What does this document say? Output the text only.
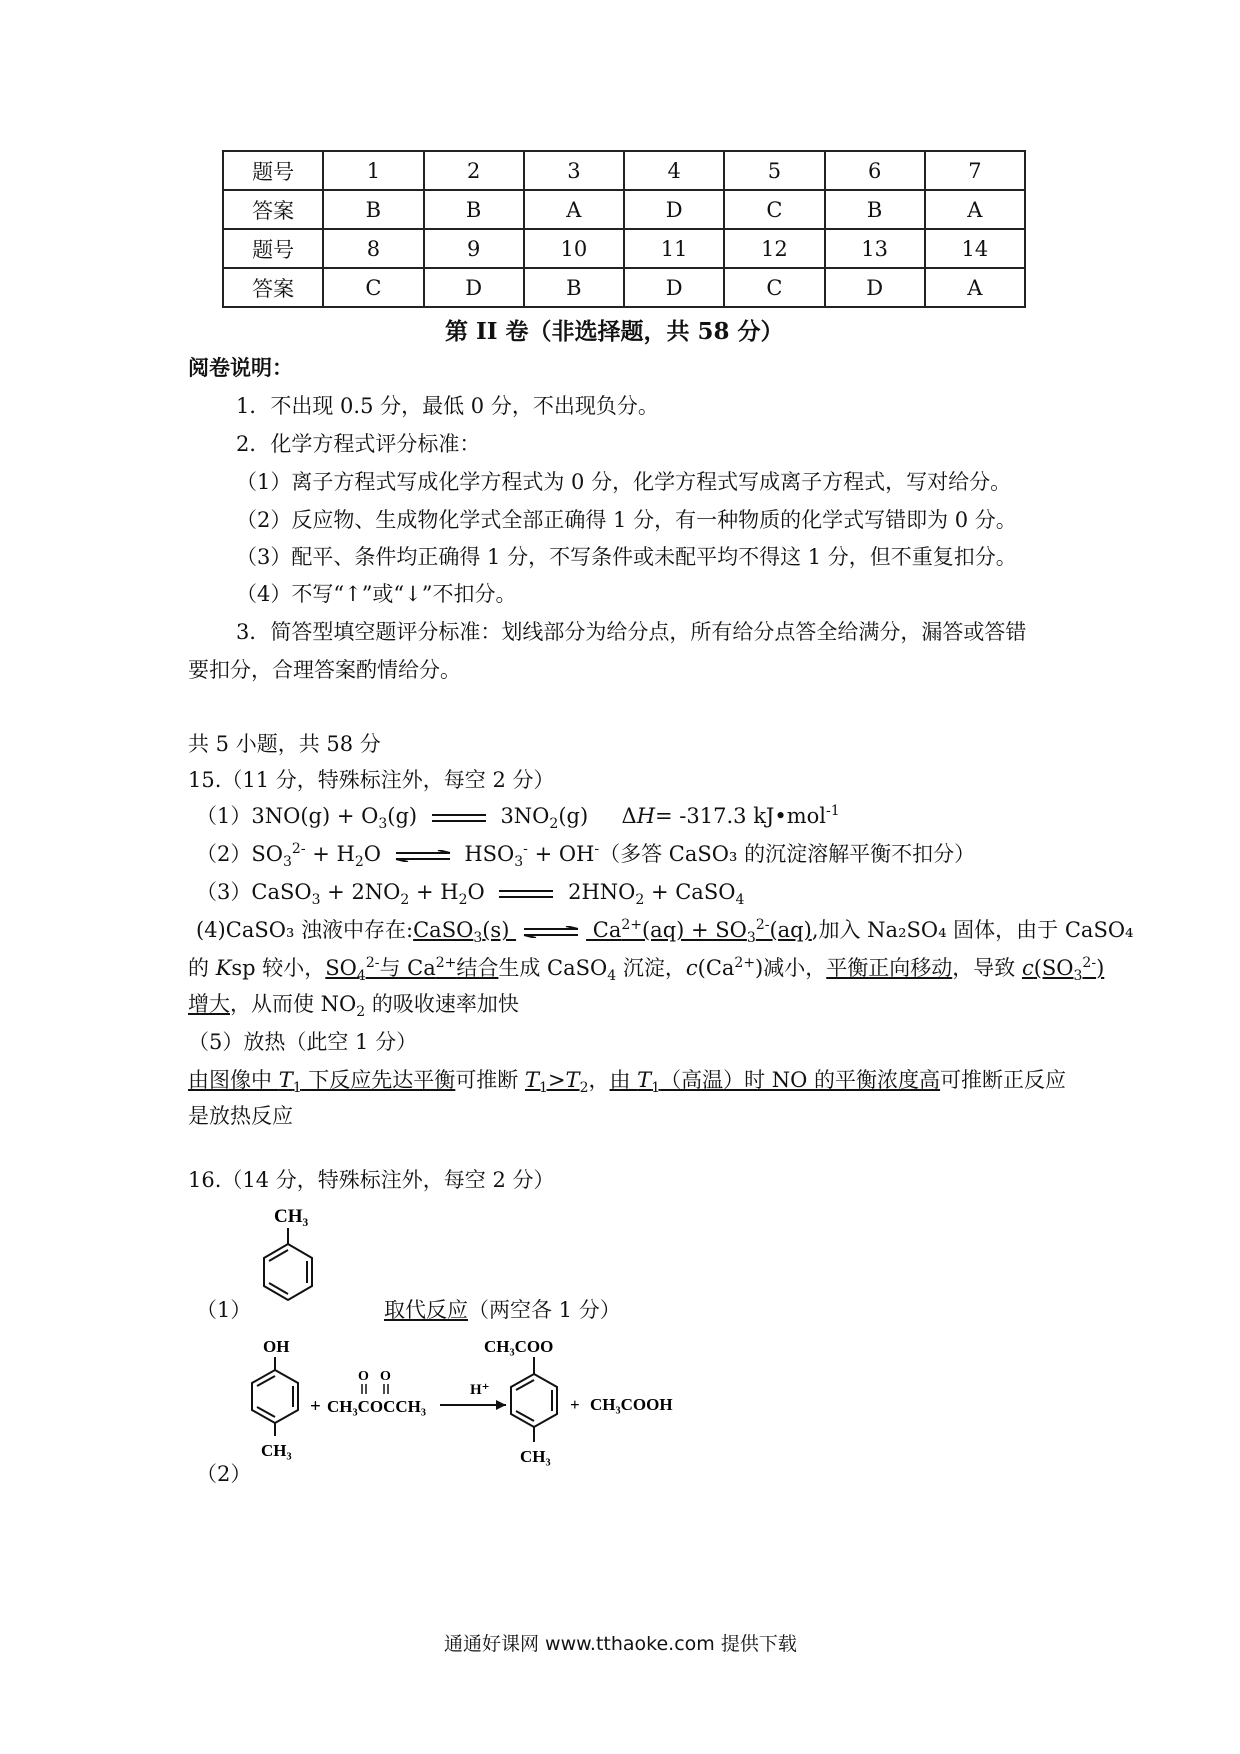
题号	1	2	3	4	5	6	7
答案	B	B	A	D	C	B	A
题号	8	9	10	11	12	13	14
答案	C	D	B	D	C	D	A
第 II 卷（非选择题，共 58 分）
阅卷说明：
1．不出现 0.5 分，最低 0 分，不出现负分。
2．化学方程式评分标准：
（1）离子方程式写成化学方程式为 0 分，化学方程式写成离子方程式，写对给分。
（2）反应物、生成物化学式全部正确得 1 分，有一种物质的化学式写错即为 0 分。
（3）配平、条件均正确得 1 分，不写条件或未配平均不得这 1 分，但不重复扣分。
（4）不写“↑”或“↓”不扣分。
3．简答型填空题评分标准：划线部分为给分点，所有给分点答全给满分，漏答或答错
要扣分，合理答案酌情给分。
共 5 小题，共 58 分
15.（11 分，特殊标注外，每空 2 分）
$(1)3NO(g) + O_3(g)$	$3NO_2(g)$     ΔH= -317.3 kJ•mol$^{-1}$
$(2)SO_3^{2-} + H_2O$ ⇌ $HSO_3^- + OH^-$（多答 CaSO₃ 的沉淀溶解平衡不扣分）
（3）CaSO$_3$ + $2NO_2 + H_2O$	$2HNO_2$ + CaSO$_4$
(4)CaSO₃ 浊液中存在:CaSO$_3$(s) ⇌ $Ca^{2+}(aq) + SO_3^{2-}(aq)$,加入 Na₂SO₄ 固体，由于 CaSO₄
的 Ksp 较小，$SO_4^{2-}$与 $Ca^{2+}$结合生成 CaSO$_4$ 沉淀，$c(Ca^{2+})$减小，平衡正向移动，导致 $c(SO_3^{2-})$
增大，从而使 $NO_2$ 的吸收速率加快
（5）放热（此空 1 分）
由图像中 $T_1$ 下反应先达平衡可推断 $T_1>T_2$，由 $T_1$（高温）时 NO 的平衡浓度高可推断正反应
是放热反应
16.（14 分，特殊标注外，每空 2 分）
CH₃
（1）	取代反应（两空各 1 分）
OH
CH₃
+
O O
CH₃COCCH₃
H⁺
CH₃COO
CH₃
+ CH₃COOH
（2）
通通好课网 www.tthaoke.com 提供下载
